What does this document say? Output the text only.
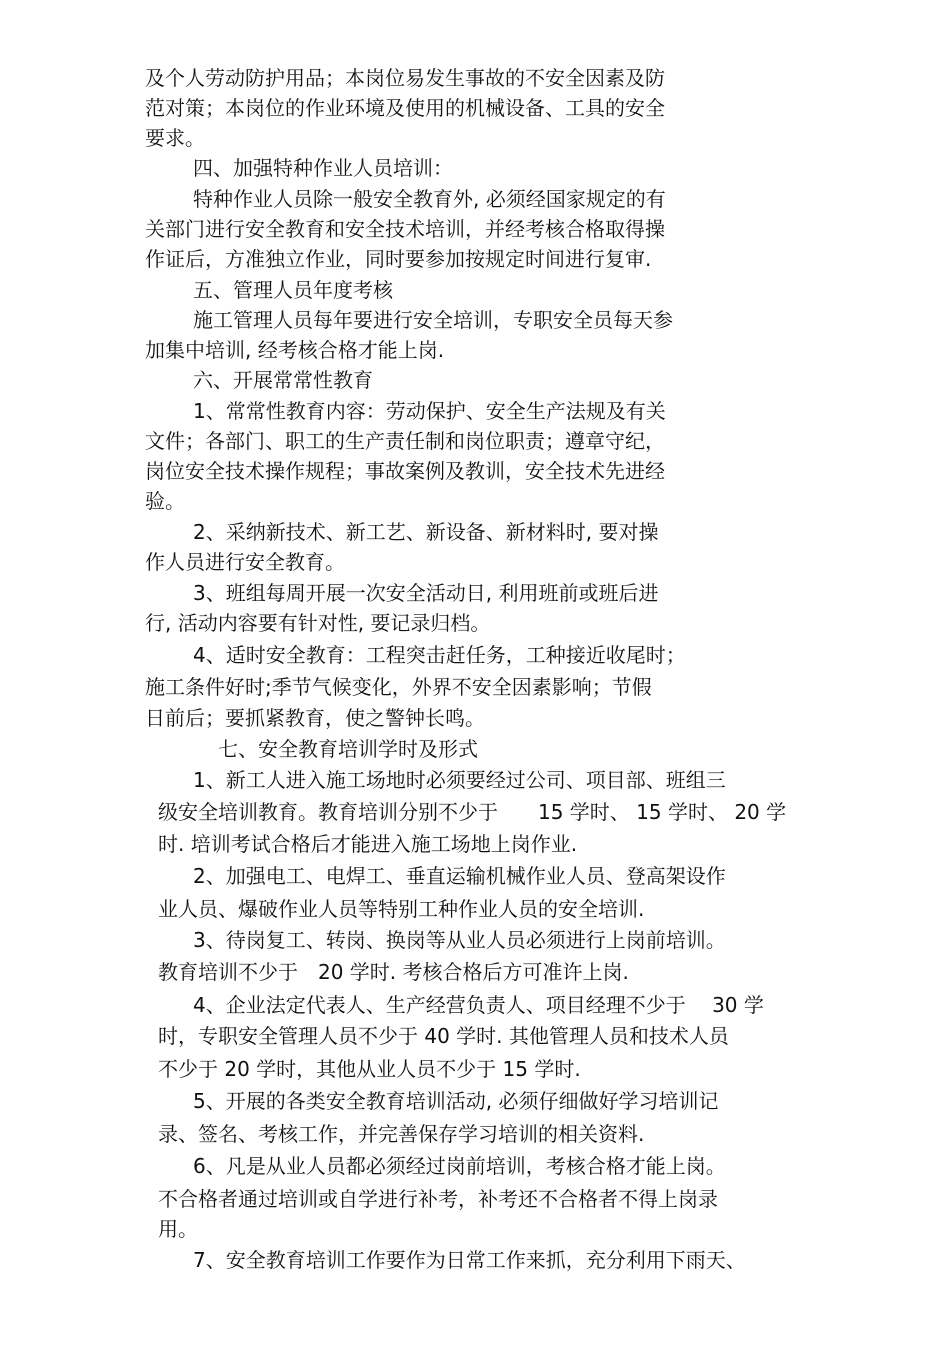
及个人劳动防护用品；本岗位易发生事故的不安全因素及防
范对策；本岗位的作业环境及使用的机械设备、工具的安全
要求。
四、加强特种作业人员培训：
特种作业人员除一般安全教育外, 必须经国家规定的有
关部门进行安全教育和安全技术培训，并经考核合格取得操
作证后，方准独立作业，同时要参加按规定时间进行复审.
五、管理人员年度考核
施工管理人员每年要进行安全培训，专职安全员每天参
加集中培训, 经考核合格才能上岗.
六、开展常常性教育
1、常常性教育内容：劳动保护、安全生产法规及有关
文件；各部门、职工的生产责任制和岗位职责；遵章守纪，
岗位安全技术操作规程；事故案例及教训，安全技术先进经
验。
2、采纳新技术、新工艺、新设备、新材料时, 要对操
作人员进行安全教育。
3、班组每周开展一次安全活动日, 利用班前或班后进
行, 活动内容要有针对性, 要记录归档。
4、适时安全教育：工程突击赶任务，工种接近收尾时；
施工条件好时;季节气候变化，外界不安全因素影响；节假
日前后；要抓紧教育，使之警钟长鸣。
七、安全教育培训学时及形式
1、新工人进入施工场地时必须要经过公司、项目部、班组三
级安全培训教育。教育培训分别不少于　　15 学时、 15 学时、 20 学
时. 培训考试合格后才能进入施工场地上岗作业.
2、加强电工、电焊工、垂直运输机械作业人员、登高架设作
业人员、爆破作业人员等特别工种作业人员的安全培训.
3、待岗复工、转岗、换岗等从业人员必须进行上岗前培训。
教育培训不少于　20 学时. 考核合格后方可准许上岗.
4、企业法定代表人、生产经营负责人、项目经理不少于　 30 学
时，专职安全管理人员不少于 40 学时. 其他管理人员和技术人员
不少于 20 学时，其他从业人员不少于 15 学时.
5、开展的各类安全教育培训活动, 必须仔细做好学习培训记
录、签名、考核工作，并完善保存学习培训的相关资料.
6、凡是从业人员都必须经过岗前培训，考核合格才能上岗。
不合格者通过培训或自学进行补考，补考还不合格者不得上岗录
用。
7、安全教育培训工作要作为日常工作来抓，充分利用下雨天、
